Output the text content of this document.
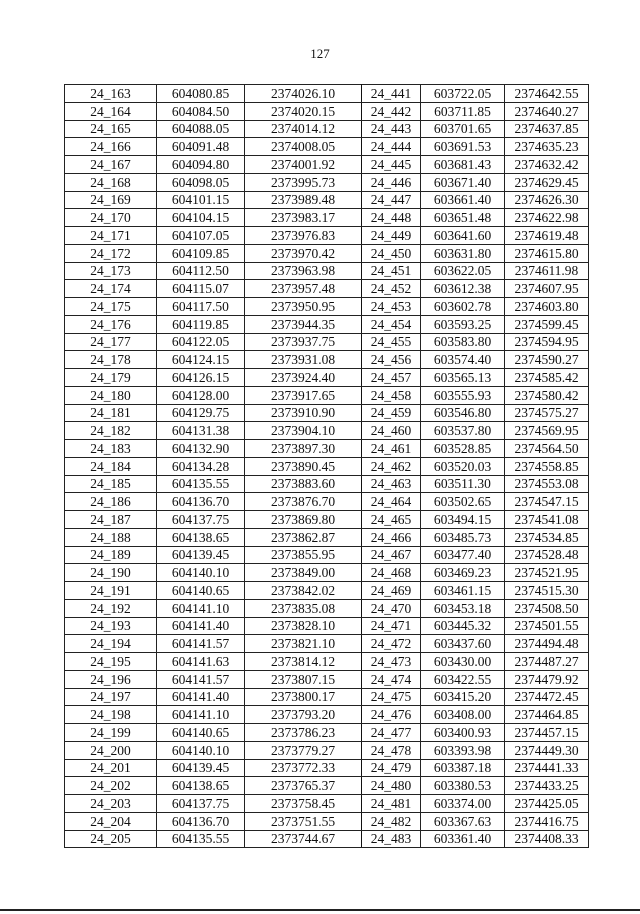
127
24_163	604080.85	2374026.10	24_441	603722.05	2374642.55
24_164	604084.50	2374020.15	24_442	603711.85	2374640.27
24_165	604088.05	2374014.12	24_443	603701.65	2374637.85
24_166	604091.48	2374008.05	24_444	603691.53	2374635.23
24_167	604094.80	2374001.92	24_445	603681.43	2374632.42
24_168	604098.05	2373995.73	24_446	603671.40	2374629.45
24_169	604101.15	2373989.48	24_447	603661.40	2374626.30
24_170	604104.15	2373983.17	24_448	603651.48	2374622.98
24_171	604107.05	2373976.83	24_449	603641.60	2374619.48
24_172	604109.85	2373970.42	24_450	603631.80	2374615.80
24_173	604112.50	2373963.98	24_451	603622.05	2374611.98
24_174	604115.07	2373957.48	24_452	603612.38	2374607.95
24_175	604117.50	2373950.95	24_453	603602.78	2374603.80
24_176	604119.85	2373944.35	24_454	603593.25	2374599.45
24_177	604122.05	2373937.75	24_455	603583.80	2374594.95
24_178	604124.15	2373931.08	24_456	603574.40	2374590.27
24_179	604126.15	2373924.40	24_457	603565.13	2374585.42
24_180	604128.00	2373917.65	24_458	603555.93	2374580.42
24_181	604129.75	2373910.90	24_459	603546.80	2374575.27
24_182	604131.38	2373904.10	24_460	603537.80	2374569.95
24_183	604132.90	2373897.30	24_461	603528.85	2374564.50
24_184	604134.28	2373890.45	24_462	603520.03	2374558.85
24_185	604135.55	2373883.60	24_463	603511.30	2374553.08
24_186	604136.70	2373876.70	24_464	603502.65	2374547.15
24_187	604137.75	2373869.80	24_465	603494.15	2374541.08
24_188	604138.65	2373862.87	24_466	603485.73	2374534.85
24_189	604139.45	2373855.95	24_467	603477.40	2374528.48
24_190	604140.10	2373849.00	24_468	603469.23	2374521.95
24_191	604140.65	2373842.02	24_469	603461.15	2374515.30
24_192	604141.10	2373835.08	24_470	603453.18	2374508.50
24_193	604141.40	2373828.10	24_471	603445.32	2374501.55
24_194	604141.57	2373821.10	24_472	603437.60	2374494.48
24_195	604141.63	2373814.12	24_473	603430.00	2374487.27
24_196	604141.57	2373807.15	24_474	603422.55	2374479.92
24_197	604141.40	2373800.17	24_475	603415.20	2374472.45
24_198	604141.10	2373793.20	24_476	603408.00	2374464.85
24_199	604140.65	2373786.23	24_477	603400.93	2374457.15
24_200	604140.10	2373779.27	24_478	603393.98	2374449.30
24_201	604139.45	2373772.33	24_479	603387.18	2374441.33
24_202	604138.65	2373765.37	24_480	603380.53	2374433.25
24_203	604137.75	2373758.45	24_481	603374.00	2374425.05
24_204	604136.70	2373751.55	24_482	603367.63	2374416.75
24_205	604135.55	2373744.67	24_483	603361.40	2374408.33
